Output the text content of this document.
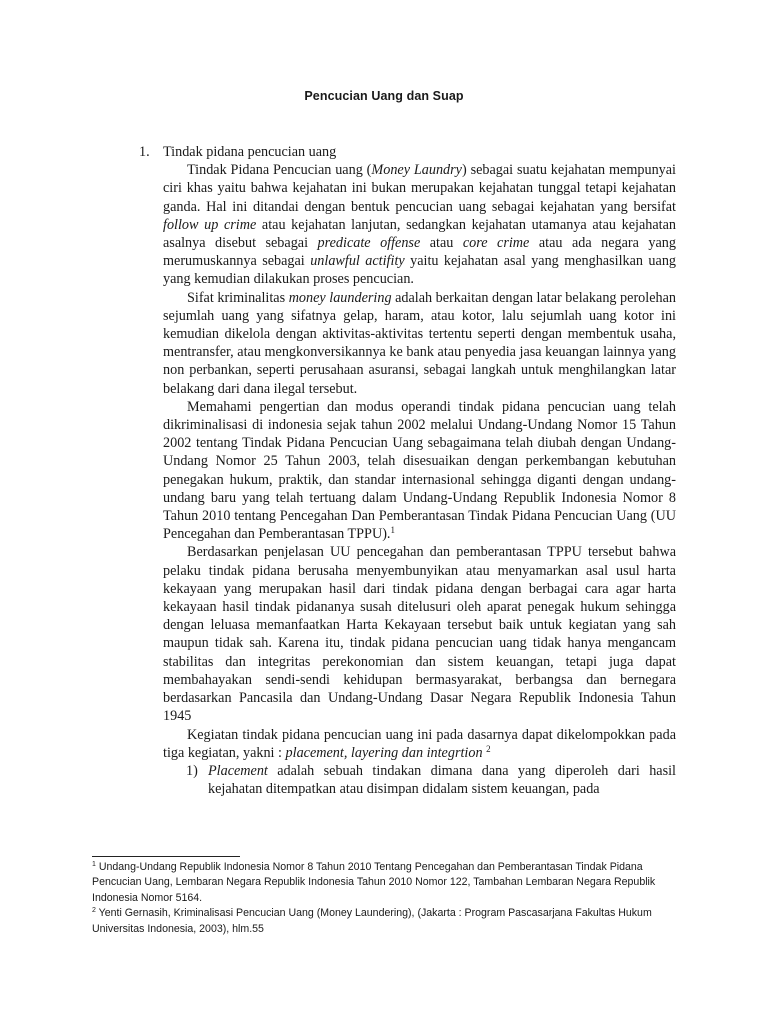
Pencucian Uang dan Suap

1. Tindak pidana pencucian uang

Tindak Pidana Pencucian uang (Money Laundry) sebagai suatu kejahatan mempunyai ciri khas yaitu bahwa kejahatan ini bukan merupakan kejahatan tunggal tetapi kejahatan ganda. Hal ini ditandai dengan bentuk pencucian uang sebagai kejahatan yang bersifat follow up crime atau kejahatan lanjutan, sedangkan kejahatan utamanya atau kejahatan asalnya disebut sebagai predicate offense atau core crime atau ada negara yang merumuskannya sebagai unlawful actifity yaitu kejahatan asal yang menghasilkan uang yang kemudian dilakukan proses pencucian.

Sifat kriminalitas money laundering adalah berkaitan dengan latar belakang perolehan sejumlah uang yang sifatnya gelap, haram, atau kotor, lalu sejumlah uang kotor ini kemudian dikelola dengan aktivitas-aktivitas tertentu seperti dengan membentuk usaha, mentransfer, atau mengkonversikannya ke bank atau penyedia jasa keuangan lainnya yang non perbankan, seperti perusahaan asuransi, sebagai langkah untuk menghilangkan latar belakang dari dana ilegal tersebut.

Memahami pengertian dan modus operandi tindak pidana pencucian uang telah dikriminalisasi di indonesia sejak tahun 2002 melalui Undang-Undang Nomor 15 Tahun 2002 tentang Tindak Pidana Pencucian Uang sebagaimana telah diubah dengan Undang- Undang Nomor 25 Tahun 2003, telah disesuaikan dengan perkembangan kebutuhan penegakan hukum, praktik, dan standar internasional sehingga diganti dengan undang- undang baru yang telah tertuang dalam Undang-Undang Republik Indonesia Nomor 8 Tahun 2010 tentang Pencegahan Dan Pemberantasan Tindak Pidana Pencucian Uang (UU Pencegahan dan Pemberantasan TPPU).$^1$

Berdasarkan penjelasan UU pencegahan dan pemberantasan TPPU tersebut bahwa pelaku tindak pidana berusaha menyembunyikan atau menyamarkan asal usul harta kekayaan yang merupakan hasil dari tindak pidana dengan berbagai cara agar harta kekayaan hasil tindak pidananya susah ditelusuri oleh aparat penegak hukum sehingga dengan leluasa memanfaatkan Harta Kekayaan tersebut baik untuk kegiatan yang sah maupun tidak sah. Karena itu, tindak pidana pencucian uang tidak hanya mengancam stabilitas dan integritas perekonomian dan sistem keuangan, tetapi juga dapat membahayakan sendi-sendi kehidupan bermasyarakat, berbangsa dan bernegara berdasarkan Pancasila dan Undang-Undang Dasar Negara Republik Indonesia Tahun 1945

Kegiatan tindak pidana pencucian uang ini pada dasarnya dapat dikelompokkan pada tiga kegiatan, yakni : placement, layering dan integrtion $^2$

1) Placement adalah sebuah tindakan dimana dana yang diperoleh dari hasil kejahatan ditempatkan atau disimpan didalam sistem keuangan, pada

$^1$ Undang-Undang Republik Indonesia Nomor 8 Tahun 2010 Tentang Pencegahan dan Pemberantasan Tindak Pidana Pencucian Uang, Lembaran Negara Republik Indonesia Tahun 2010 Nomor 122, Tambahan Lembaran Negara Republik Indonesia Nomor 5164.

$^2$ Yenti Gernasih, Kriminalisasi Pencucian Uang (Money Laundering), (Jakarta : Program Pascasarjana Fakultas Hukum Universitas Indonesia, 2003), hlm.55
